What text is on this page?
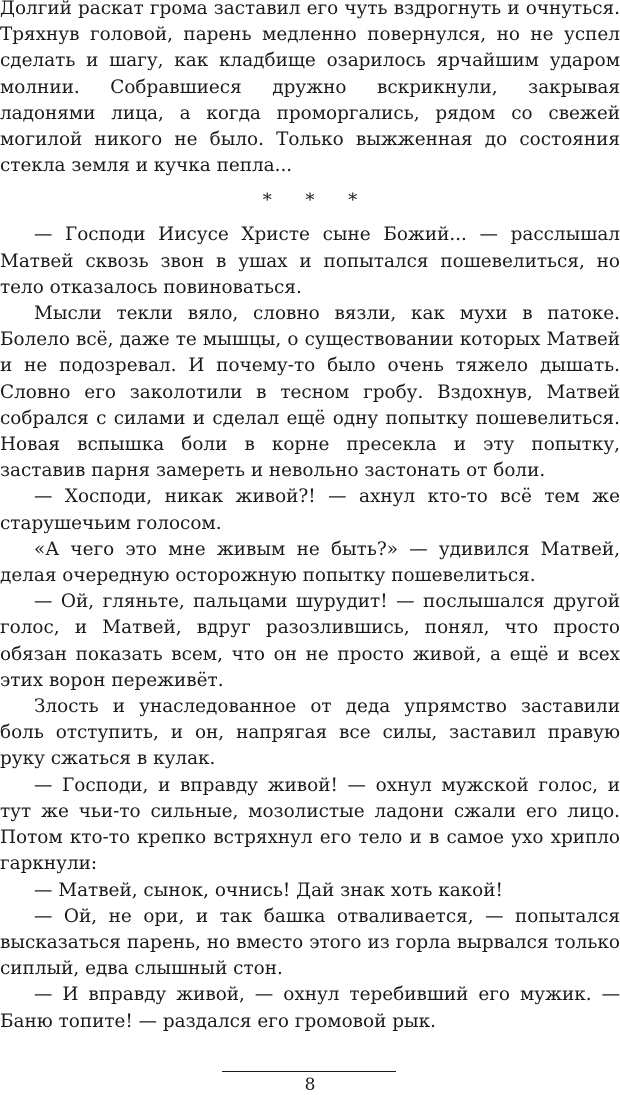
Долгий раскат грома заставил его чуть вздрогнуть и очнуться. Тряхнув головой, парень медленно повернулся, но не успел сделать и шагу, как кладбище озарилось ярчайшим ударом молнии. Собравшиеся дружно вскрикнули, закрывая ладонями лица, а когда проморгались, рядом со свежей могилой никого не было. Только выжженная до состояния стекла земля и кучка пепла...

* * *

— Господи Иисусе Христе сыне Божий... — расслышал Матвей сквозь звон в ушах и попытался пошевелиться, но тело отказалось повиноваться.

Мысли текли вяло, словно вязли, как мухи в патоке. Болело всё, даже те мышцы, о существовании которых Матвей и не подозревал. И почему-то было очень тяжело дышать. Словно его заколотили в тесном гробу. Вздохнув, Матвей собрался с силами и сделал ещё одну попытку пошевелиться. Новая вспышка боли в корне пресекла и эту попытку, заставив парня замереть и невольно застонать от боли.

— Хосподи, никак живой?! — ахнул кто-то всё тем же старушечьим голосом.

«А чего это мне живым не быть?» — удивился Матвей, делая очередную осторожную попытку пошевелиться.

— Ой, гляньте, пальцами шурудит! — послышался другой голос, и Матвей, вдруг разозлившись, понял, что просто обязан показать всем, что он не просто живой, а ещё и всех этих ворон переживёт.

Злость и унаследованное от деда упрямство заставили боль отступить, и он, напрягая все силы, заставил правую руку сжаться в кулак.

— Господи, и вправду живой! — охнул мужской голос, и тут же чьи-то сильные, мозолистые ладони сжали его лицо. Потом кто-то крепко встряхнул его тело и в самое ухо хрипло гаркнули:

— Матвей, сынок, очнись! Дай знак хоть какой!

— Ой, не ори, и так башка отваливается, — попытался высказаться парень, но вместо этого из горла вырвался только сиплый, едва слышный стон.

— И вправду живой, — охнул теребивший его мужик. — Баню топите! — раздался его громовой рык.

8
